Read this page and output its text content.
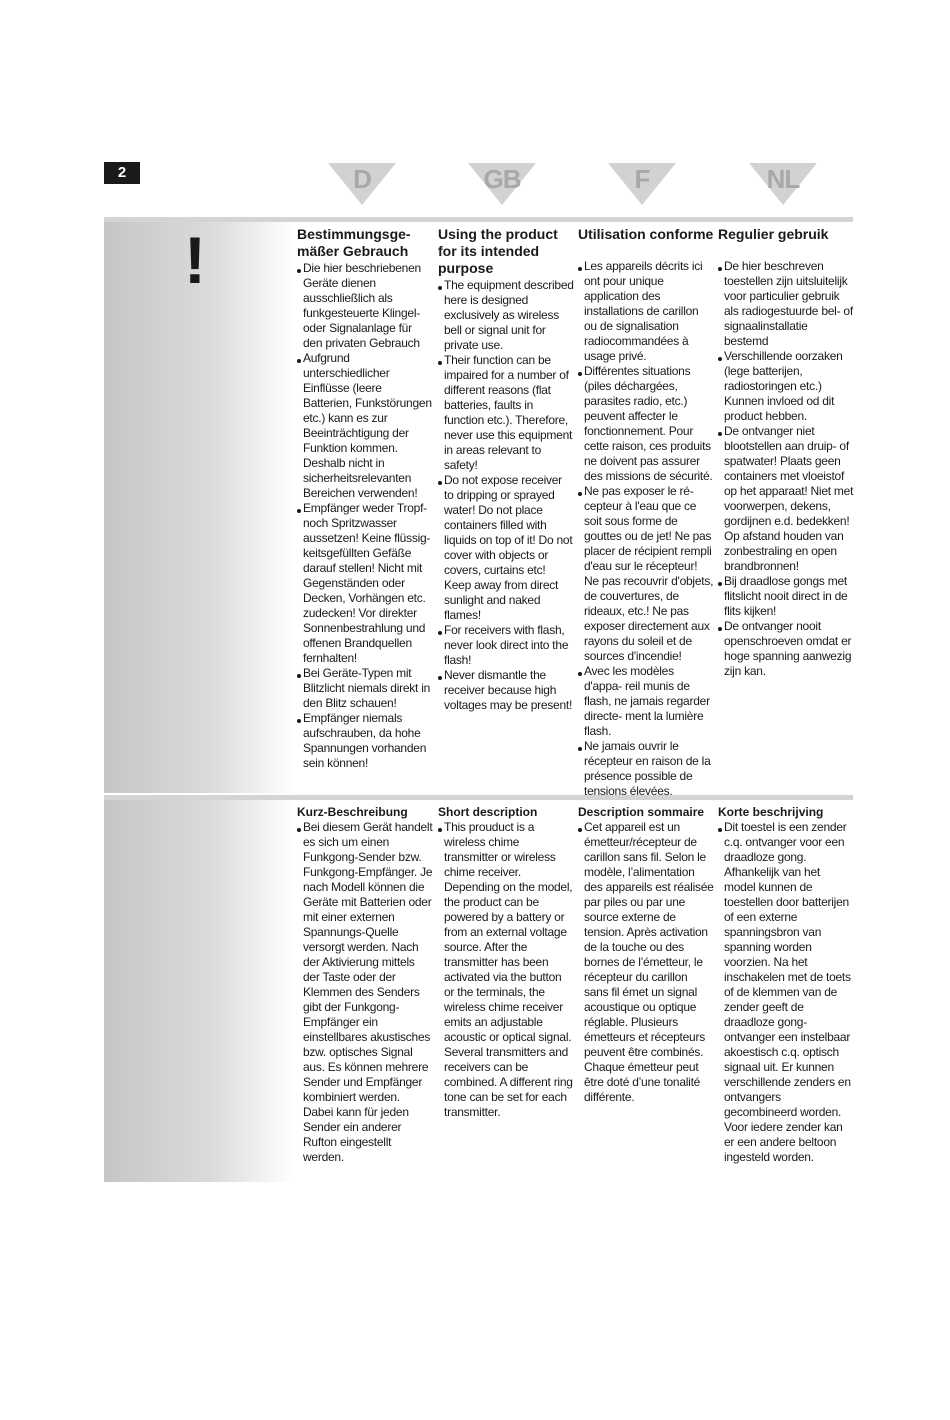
2	D	GB	F	NL
!	Bestimmungsge-
mäßer Gebrauch
Die hier beschriebenen Geräte dienen ausschließlich als funkgesteuerte Klingel- oder Signalanlage für den privaten Gebrauch
Aufgrund unterschiedlicher Einflüsse (leere Batterien, Funkstörungen etc.) kann es zur Beeinträchtigung der Funktion kommen. Deshalb nicht in sicherheitsrelevanten Bereichen verwenden!
Empfänger weder Tropf- noch Spritzwasser aussetzen! Keine flüssig- keitsgefüllten Gefäße darauf stellen! Nicht mit Gegenständen oder Decken, Vorhängen etc. zudecken! Vor direkter Sonnenbestrahlung und offenen Brandquellen fernhalten!
Bei Geräte-Typen mit Blitzlicht niemals direkt in den Blitz schauen!
Empfänger niemals aufschrauben, da hohe Spannungen vorhanden sein können!
Using the product for its intended purpose
The equipment described here is designed exclusively as wireless bell or signal unit for private use.
Their function can be impaired for a number of different reasons (flat batteries, faults in function etc.). Therefore, never use this equipment in areas relevant to safety!
Do not expose receiver to dripping or sprayed water! Do not place containers filled with liquids on top of it! Do not cover with objects or covers, curtains etc! Keep away from direct sunlight and naked flames!
For receivers with flash, never look direct into the flash!
Never dismantle the receiver because high voltages may be present!
Utilisation conforme
Les appareils décrits ici ont pour unique application des installations de carillon ou de signalisation radiocommandées à usage privé.
Différentes situations (piles déchargées, parasites radio, etc.) peuvent affecter le fonctionnement. Pour cette raison, ces produits ne doivent pas assurer des missions de sécurité.
Ne pas exposer le ré- cepteur à l'eau que ce soit sous forme de gouttes ou de jet! Ne pas placer de récipient rempli d'eau sur le récepteur! Ne pas recouvrir d'objets, de couvertures, de rideaux, etc.! Ne pas exposer directement aux rayons du soleil et de sources d'incendie!
Avec les modèles d'appa- reil munis de flash, ne jamais regarder directe- ment la lumière flash.
Ne jamais ouvrir le récepteur en raison de la présence possible de tensions élevées.
Regulier gebruik
De hier beschreven toestellen zijn uitsluitelijk voor particulier gebruik als radiogestuurde bel- of signaalinstallatie bestemd
Verschillende oorzaken (lege batterijen, radiostoringen etc.) Kunnen invloed od dit product hebben.
De ontvanger niet blootstellen aan druip- of spatwater! Plaats geen containers met vloeistof op het apparaat! Niet met voorwerpen, dekens, gordijnen e.d. bedekken! Op afstand houden van zonbestraling en open brandbronnen!
Bij draadlose gongs met flitslicht nooit direct in de flits kijken!
De ontvanger nooit openschroeven omdat er hoge spanning aanwezig zijn kan.
Kurz-Beschreibung
Bei diesem Gerät handelt es sich um einen Funkgong-Sender bzw. Funkgong-Empfänger. Je nach Modell können die Geräte mit Batterien oder mit einer externen Spannungs-Quelle versorgt werden. Nach der Aktivierung mittels der Taste oder der Klemmen des Senders gibt der Funkgong- Empfänger ein einstellbares akustisches bzw. optisches Signal aus. Es können mehrere Sender und Empfänger kombiniert werden. Dabei kann für jeden Sender ein anderer Rufton eingestellt werden.
Short description
This prouduct is a wireless chime transmitter or wireless chime receiver. Depending on the model, the product can be powered by a battery or from an external voltage source. After the transmitter has been activated via the button or the terminals, the wireless chime receiver emits an adjustable acoustic or optical signal. Several transmitters and receivers can be combined. A different ring tone can be set for each transmitter.
Description sommaire
Cet appareil est un émetteur/récepteur de carillon sans fil. Selon le modèle, l’alimentation des appareils est réalisée par piles ou par une source externe de tension. Après activation de la touche ou des bornes de l’émetteur, le récepteur du carillon sans fil émet un signal acoustique ou optique réglable. Plusieurs émetteurs et récepteurs peuvent être combinés. Chaque émetteur peut être doté d’une tonalité différente.
Korte beschrijving
Dit toestel is een zender c.q. ontvanger voor een draadloze gong. Afhankelijk van het model kunnen de toestellen door batterijen of een externe spanningsbron van spanning worden voorzien. Na het inschakelen met de toets of de klemmen van de zender geeft de draadloze gong- ontvanger een instelbaar akoestisch c.q. optisch signaal uit. Er kunnen verschillende zenders en ontvangers gecombineerd worden. Voor iedere zender kan er een andere beltoon ingesteld worden.
